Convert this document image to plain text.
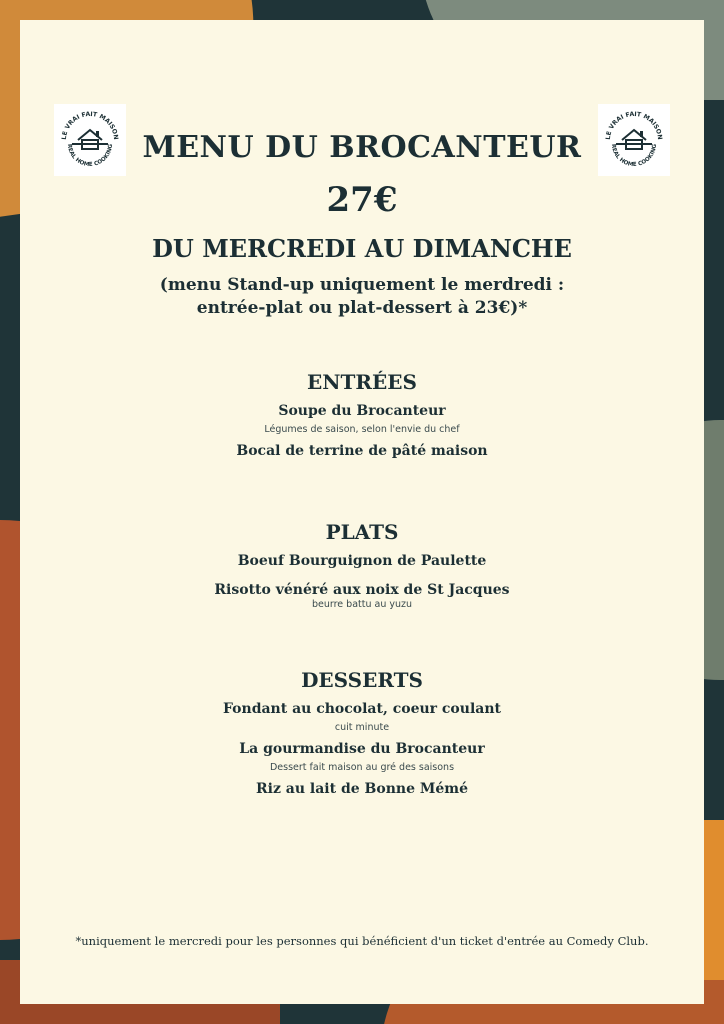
LE VRAI FAIT MAISON
REAL HOME COOKING
LE VRAI FAIT MAISON
REAL HOME COOKING
MENU DU BROCANTEUR
27€
DU MERCREDI AU DIMANCHE
(menu Stand-up uniquement le merdredi :
entrée-plat ou plat-dessert à 23€)*
ENTRÉES

Soupe du Brocanteur

Légumes de saison, selon l'envie du chef

Bocal de terrine de pâté maison

PLATS

Boeuf Bourguignon de Paulette

Risotto vénéré aux noix de St Jacques

beurre battu au yuzu

DESSERTS

Fondant au chocolat, coeur coulant

cuit minute

La gourmandise du Brocanteur

Dessert fait maison au gré des saisons

Riz au lait de Bonne Mémé

*uniquement le mercredi pour les personnes qui bénéficient d'un ticket d'entrée au Comedy Club.
